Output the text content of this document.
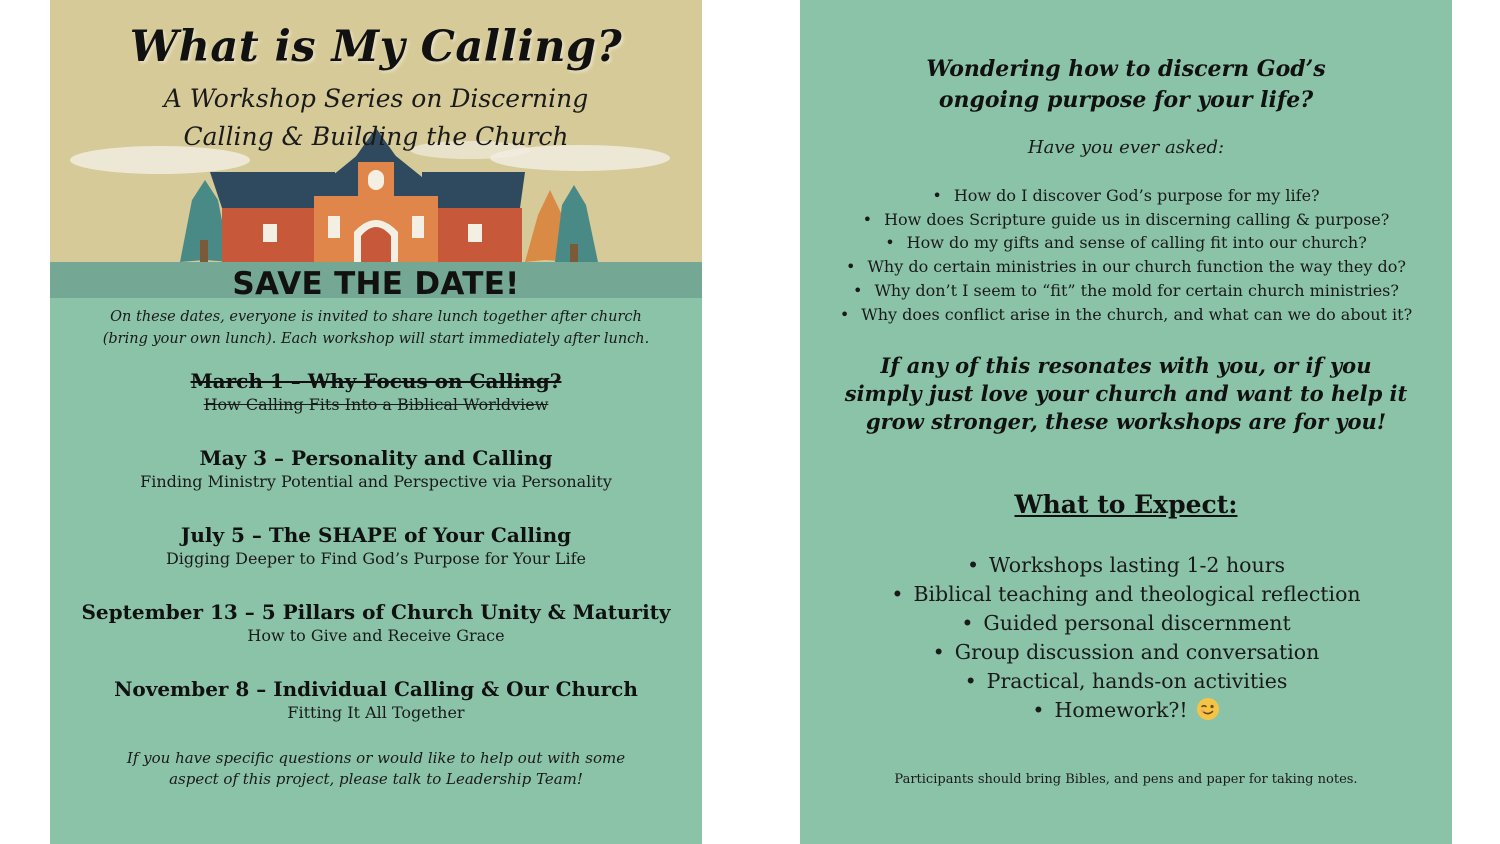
What is My Calling?
A Workshop Series on Discerning
Calling & Building the Church
SAVE THE DATE!
On these dates, everyone is invited to share lunch together after church (bring your own lunch). Each workshop will start immediately after lunch.
March 1 – Why Focus on Calling?
How Calling Fits Into a Biblical Worldview
May 3 – Personality and Calling
Finding Ministry Potential and Perspective via Personality
July 5 – The SHAPE of Your Calling
Digging Deeper to Find God’s Purpose for Your Life
September 13 – 5 Pillars of Church Unity & Maturity
How to Give and Receive Grace
November 8 – Individual Calling & Our Church
Fitting It All Together
If you have specific questions or would like to help out with some aspect of this project, please talk to Leadership Team!
Wondering how to discern God’s
ongoing purpose for your life?
Have you ever asked:
• How do I discover God’s purpose for my life?
• How does Scripture guide us in discerning calling & purpose?
• How do my gifts and sense of calling fit into our church?
• Why do certain ministries in our church function the way they do?
• Why don’t I seem to “fit” the mold for certain church ministries?
• Why does conflict arise in the church, and what can we do about it?
If any of this resonates with you, or if you simply just love your church and want to help it grow stronger, these workshops are for you!
What to Expect:
• Workshops lasting 1-2 hours
• Biblical teaching and theological reflection
• Guided personal discernment
• Group discussion and conversation
• Practical, hands-on activities
• Homework?!
Participants should bring Bibles, and pens and paper for taking notes.
